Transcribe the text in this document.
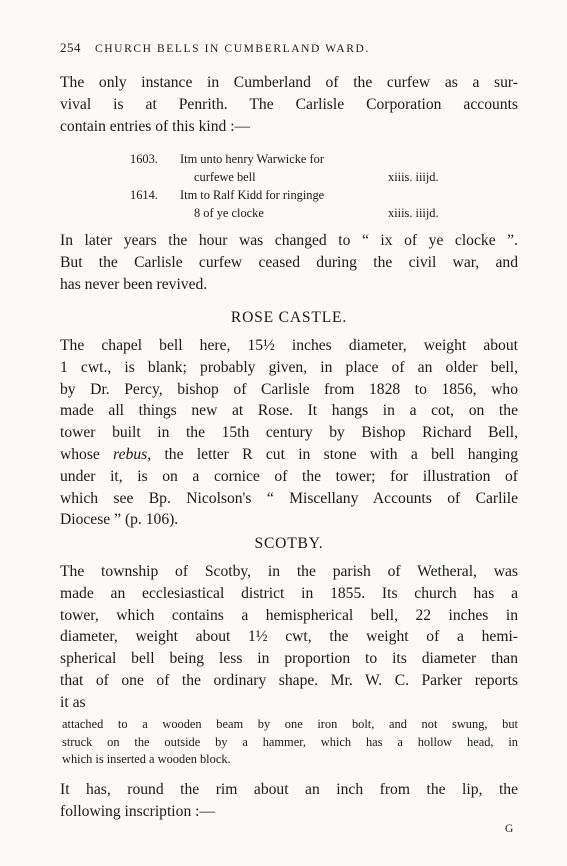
254 CHURCH BELLS IN CUMBERLAND WARD.
The only instance in Cumberland of the curfew as a sur-
vival is at Penrith. The Carlisle Corporation accounts
contain entries of this kind :—
1603. Itm unto henry Warwicke for
curfewe bell	xiiis. iiijd.
1614. Itm to Ralf Kidd for ringinge
8 of ye clocke	xiiis. iiijd.
In later years the hour was changed to “ ix of ye clocke ”.
But the Carlisle curfew ceased during the civil war, and
has never been revived.
ROSE CASTLE.
The chapel bell here, 15½ inches diameter, weight about
1 cwt., is blank; probably given, in place of an older bell,
by Dr. Percy, bishop of Carlisle from 1828 to 1856, who
made all things new at Rose. It hangs in a cot, on the
tower built in the 15th century by Bishop Richard Bell,
whose rebus, the letter R cut in stone with a bell hanging
under it, is on a cornice of the tower; for illustration of
which see Bp. Nicolson's “ Miscellany Accounts of Carlile
Diocese ” (p. 106).
SCOTBY.
The township of Scotby, in the parish of Wetheral, was
made an ecclesiastical district in 1855. Its church has a
tower, which contains a hemispherical bell, 22 inches in
diameter, weight about 1½ cwt, the weight of a hemi-
spherical bell being less in proportion to its diameter than
that of one of the ordinary shape. Mr. W. C. Parker reports
it as
attached to a wooden beam by one iron bolt, and not swung, but
struck on the outside by a hammer, which has a hollow head, in
which is inserted a wooden block.
It has, round the rim about an inch from the lip, the
following inscription :—
G
